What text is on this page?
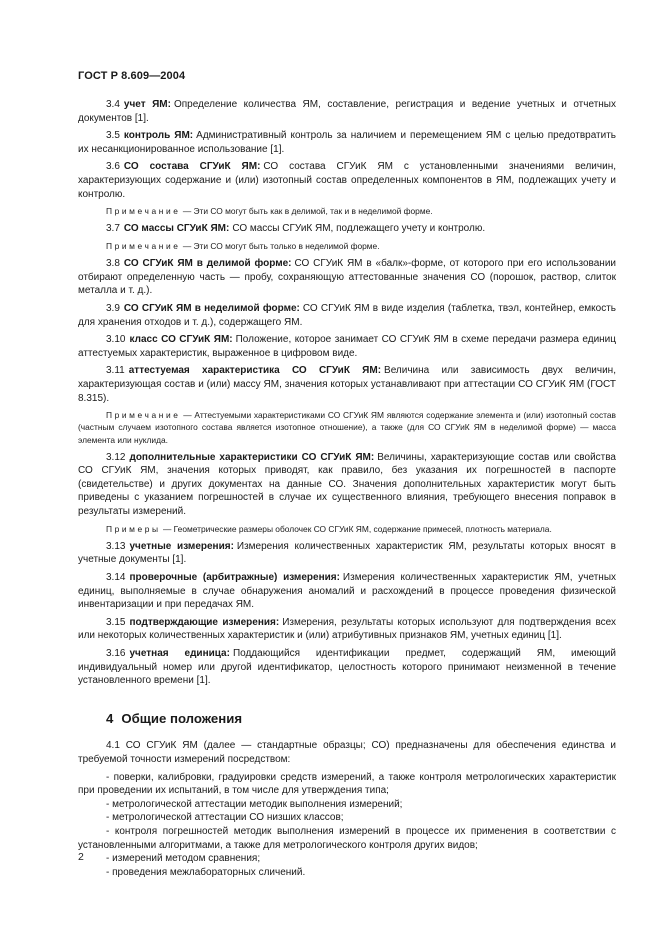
ГОСТ Р 8.609—2004

3.4 учет ЯМ: Определение количества ЯМ, составление, регистрация и ведение учетных и отчетных документов [1].

3.5 контроль ЯМ: Административный контроль за наличием и перемещением ЯМ с целью предотвратить их несанкционированное использование [1].

3.6 СО состава СГУиК ЯМ: СО состава СГУиК ЯМ с установленными значениями величин, характеризующих содержание и (или) изотопный состав определенных компонентов в ЯМ, подлежащих учету и контролю.

Примечание — Эти СО могут быть как в делимой, так и в неделимой форме.

3.7 СО массы СГУиК ЯМ: СО массы СГУиК ЯМ, подлежащего учету и контролю.

Примечание — Эти СО могут быть только в неделимой форме.

3.8 СО СГУиК ЯМ в делимой форме: СО СГУиК ЯМ в «балк»-форме, от которого при его использовании отбирают определенную часть — пробу, сохраняющую аттестованные значения СО (порошок, раствор, слиток металла и т. д.).

3.9 СО СГУиК ЯМ в неделимой форме: СО СГУиК ЯМ в виде изделия (таблетка, твэл, контейнер, емкость для хранения отходов и т. д.), содержащего ЯМ.

3.10 класс СО СГУиК ЯМ: Положение, которое занимает СО СГУиК ЯМ в схеме передачи размера единиц аттестуемых характеристик, выраженное в цифровом виде.

3.11 аттестуемая характеристика СО СГУиК ЯМ: Величина или зависимость двух величин, характеризующая состав и (или) массу ЯМ, значения которых устанавливают при аттестации СО СГУиК ЯМ (ГОСТ 8.315).

Примечание — Аттестуемыми характеристиками СО СГУиК ЯМ являются содержание элемента и (или) изотопный состав (частным случаем изотопного состава является изотопное отношение), а также (для СО СГУиК ЯМ в неделимой форме) — масса элемента или нуклида.

3.12 дополнительные характеристики СО СГУиК ЯМ: Величины, характеризующие состав или свойства СО СГУиК ЯМ, значения которых приводят, как правило, без указания их погрешностей в паспорте (свидетельстве) и других документах на данные СО. Значения дополнительных характеристик могут быть приведены с указанием погрешностей в случае их существенного влияния, требующего внесения поправок в результаты измерений.

Примеры — Геометрические размеры оболочек СО СГУиК ЯМ, содержание примесей, плотность материала.

3.13 учетные измерения: Измерения количественных характеристик ЯМ, результаты которых вносят в учетные документы [1].

3.14 проверочные (арбитражные) измерения: Измерения количественных характеристик ЯМ, учетных единиц, выполняемые в случае обнаружения аномалий и расхождений в процессе проведения физической инвентаризации и при передачах ЯМ.

3.15 подтверждающие измерения: Измерения, результаты которых используют для подтверждения всех или некоторых количественных характеристик и (или) атрибутивных признаков ЯМ, учетных единиц [1].

3.16 учетная единица: Поддающийся идентификации предмет, содержащий ЯМ, имеющий индивидуальный номер или другой идентификатор, целостность которого принимают неизменной в течение установленного времени [1].

4 Общие положения

4.1 СО СГУиК ЯМ (далее — стандартные образцы; СО) предназначены для обеспечения единства и требуемой точности измерений посредством:

- поверки, калибровки, градуировки средств измерений, а также контроля метрологических характеристик при проведении их испытаний, в том числе для утверждения типа;

- метрологической аттестации методик выполнения измерений;

- метрологической аттестации СО низших классов;

- контроля погрешностей методик выполнения измерений в процессе их применения в соответствии с установленными алгоритмами, а также для метрологического контроля других видов;

- измерений методом сравнения;

- проведения межлабораторных сличений.

2
